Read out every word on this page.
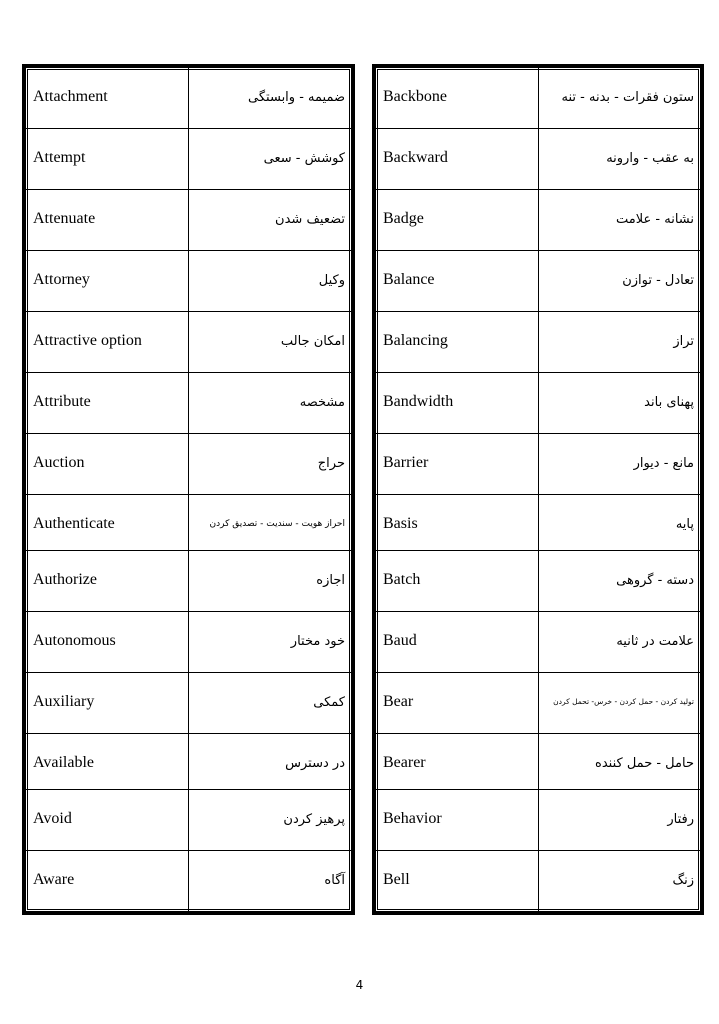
Attachment	ضمیمه - وابستگی
Attempt	کوشش - سعی
Attenuate	تضعیف شدن
Attorney	وکیل
Attractive option	امکان جالب
Attribute	مشخصه
Auction	حراج
Authenticate	احراز هویت - سندیت - تصدیق کردن
Authorize	اجازه
Autonomous	خود مختار
Auxiliary	کمکی
Available	در دسترس
Avoid	پرهیز کردن
Aware	آگاه
Backbone	ستون فقرات - بدنه - تنه
Backward	به عقب - وارونه
Badge	نشانه - علامت
Balance	تعادل - توازن
Balancing	تراز
Bandwidth	پهنای باند
Barrier	مانع - دیوار
Basis	پایه
Batch	دسته - گروهی
Baud	علامت در ثانیه
Bear	تولید کردن - حمل کردن - خرس- تحمل کردن
Bearer	حامل - حمل کننده
Behavior	رفتار
Bell	زنگ
4
